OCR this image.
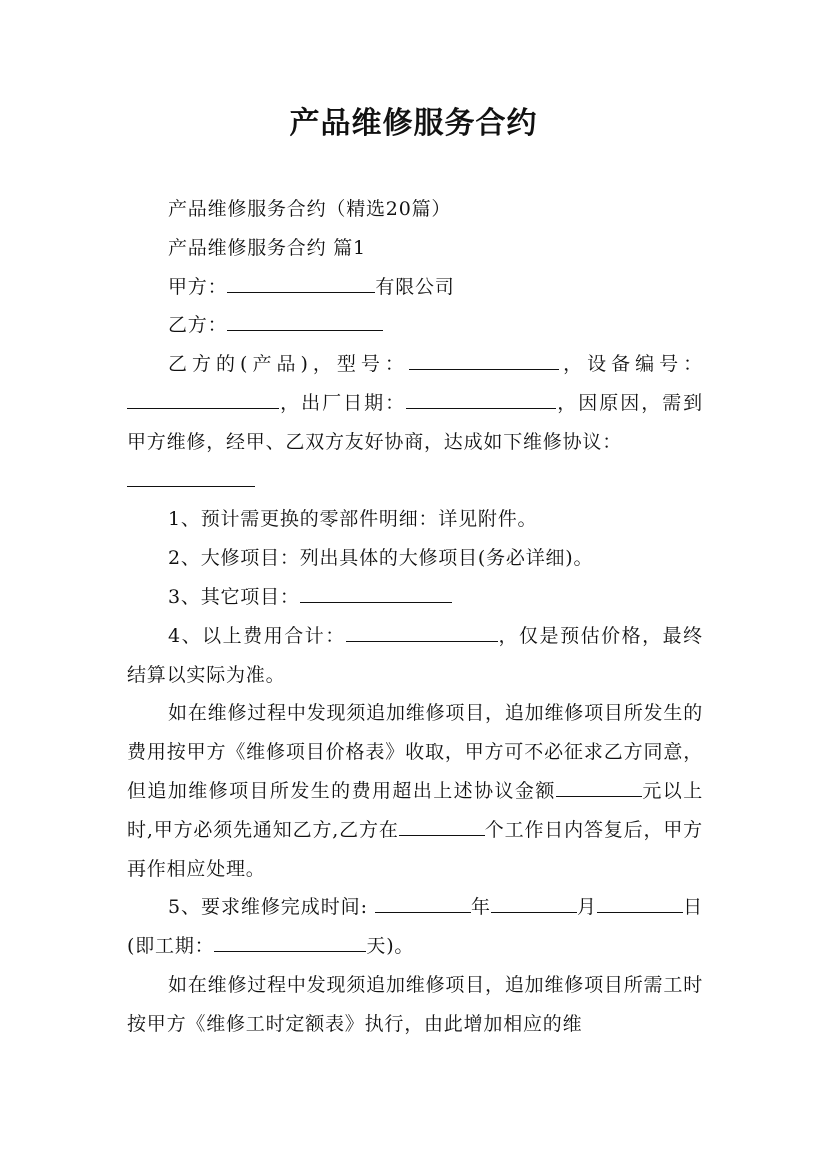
产品维修服务合约

产品维修服务合约（精选20篇）

产品维修服务合约 篇1

甲方：	有限公司

乙方：

乙方的(产品)，型号：	，设备编号：，出厂日期：	，因原因，需到甲方维修，经甲、乙双方友好协商，达成如下维修协议：

1、预计需更换的零部件明细：详见附件。

2、大修项目：列出具体的大修项目(务必详细)。

3、其它项目：

4、以上费用合计：	，仅是预估价格，最终结算以实际为准。

如在维修过程中发现须追加维修项目，追加维修项目所发生的费用按甲方《维修项目价格表》收取，甲方可不必征求乙方同意，但追加维修项目所发生的费用超出上述协议金额	元以上时,甲方必须先通知乙方,乙方在	个工作日内答复后，甲方再作相应处理。

5、要求维修完成时间:	年	月	日(即工期：	天)。

如在维修过程中发现须追加维修项目，追加维修项目所需工时按甲方《维修工时定额表》执行，由此增加相应的维
